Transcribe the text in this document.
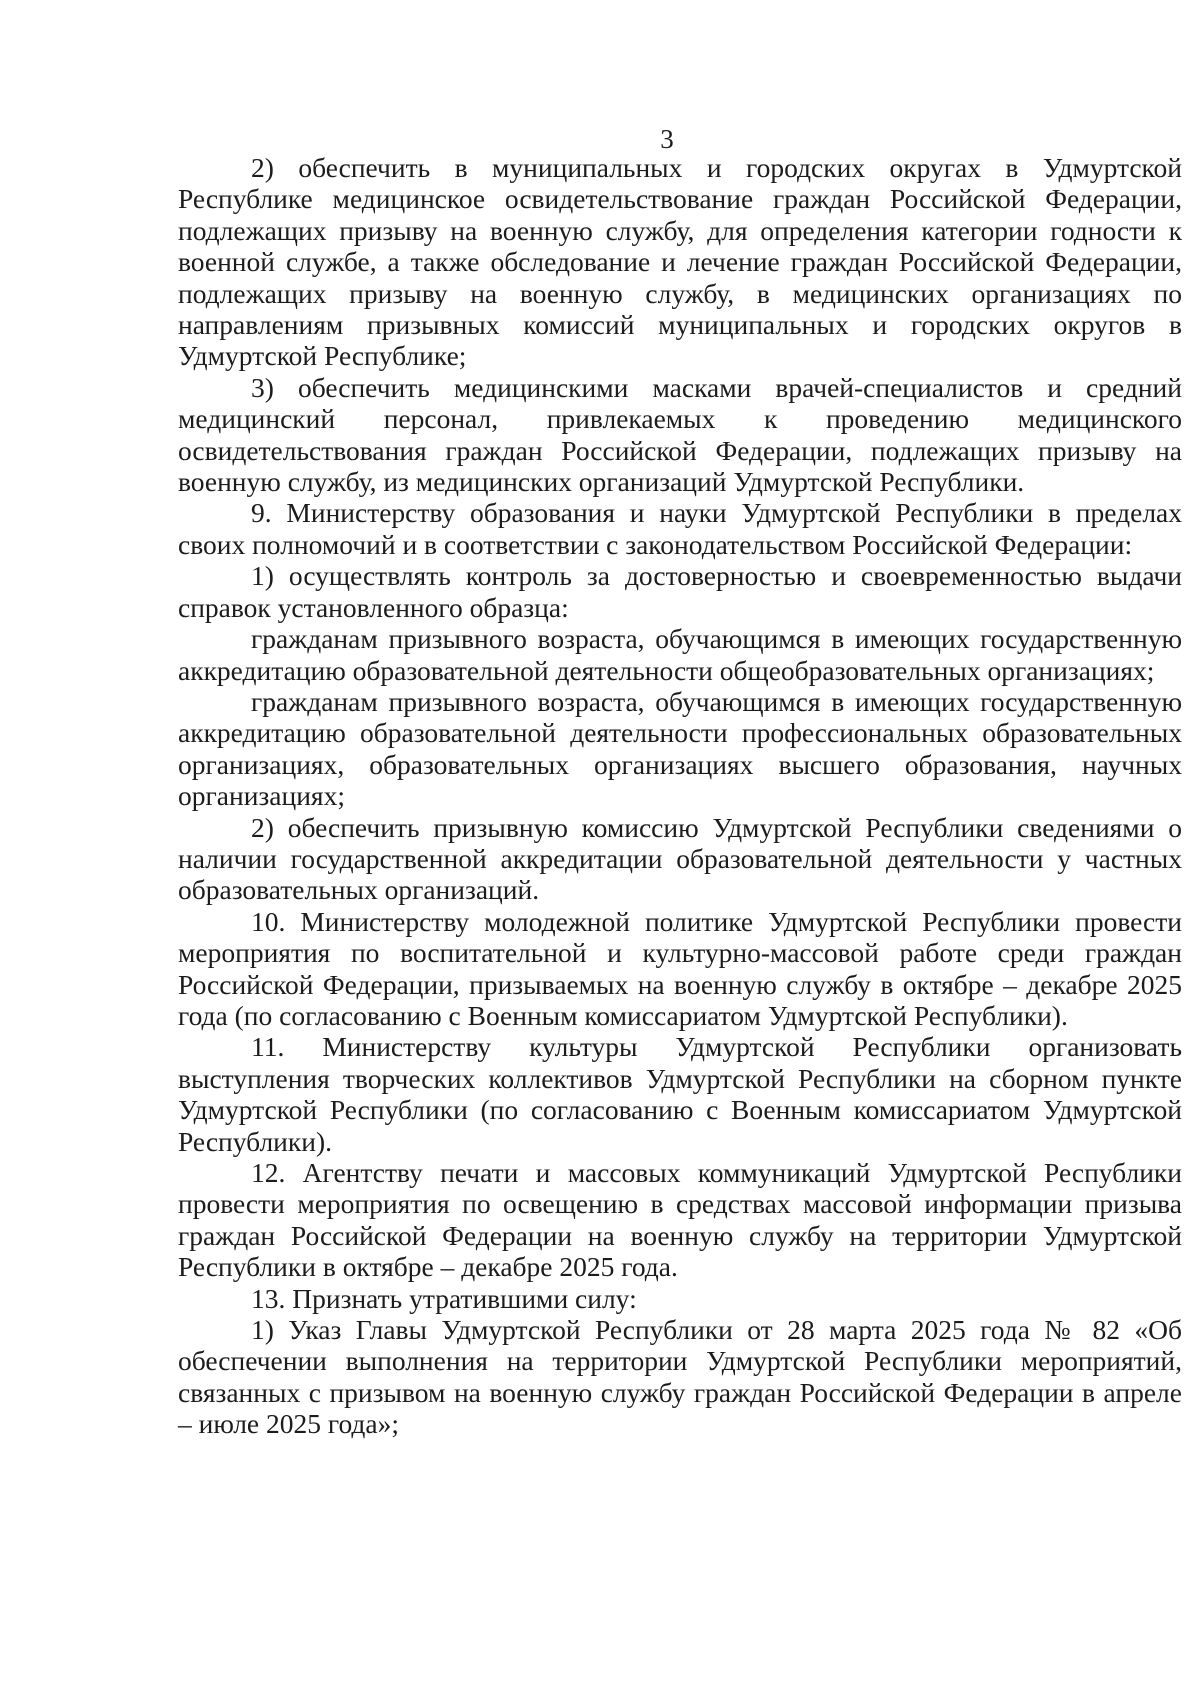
3

2) обеспечить в муниципальных и городских округах в Удмуртской Республике медицинское освидетельствование граждан Российской Федерации, подлежащих призыву на военную службу, для определения категории годности к военной службе, а также обследование и лечение граждан Российской Федерации, подлежащих призыву на военную службу, в медицинских организациях по направлениям призывных комиссий муниципальных и городских округов в Удмуртской Республике;

3) обеспечить медицинскими масками врачей-специалистов и средний медицинский персонал, привлекаемых к проведению медицинского освидетельствования граждан Российской Федерации, подлежащих призыву на военную службу, из медицинских организаций Удмуртской Республики.

9. Министерству образования и науки Удмуртской Республики в пределах своих полномочий и в соответствии с законодательством Российской Федерации:

1) осуществлять контроль за достоверностью и своевременностью выдачи справок установленного образца:

гражданам призывного возраста, обучающимся в имеющих государственную аккредитацию образовательной деятельности общеобразовательных организациях;

гражданам призывного возраста, обучающимся в имеющих государственную аккредитацию образовательной деятельности профессиональных образовательных организациях, образовательных организациях высшего образования, научных организациях;

2) обеспечить призывную комиссию Удмуртской Республики сведениями о наличии государственной аккредитации образовательной деятельности у частных образовательных организаций.

10. Министерству молодежной политике Удмуртской Республики провести мероприятия по воспитательной и культурно-массовой работе среди граждан Российской Федерации, призываемых на военную службу в октябре – декабре 2025 года (по согласованию с Военным комиссариатом Удмуртской Республики).

11. Министерству культуры Удмуртской Республики организовать выступления творческих коллективов Удмуртской Республики на сборном пункте Удмуртской Республики (по согласованию с Военным комиссариатом Удмуртской Республики).

12. Агентству печати и массовых коммуникаций Удмуртской Республики провести мероприятия по освещению в средствах массовой информации призыва граждан Российской Федерации на военную службу на территории Удмуртской Республики в октябре – декабре 2025 года.

13. Признать утратившими силу:

1) Указ Главы Удмуртской Республики от 28 марта 2025 года № 82 «Об обеспечении выполнения на территории Удмуртской Республики мероприятий, связанных с призывом на военную службу граждан Российской Федерации в апреле – июле 2025 года»;
